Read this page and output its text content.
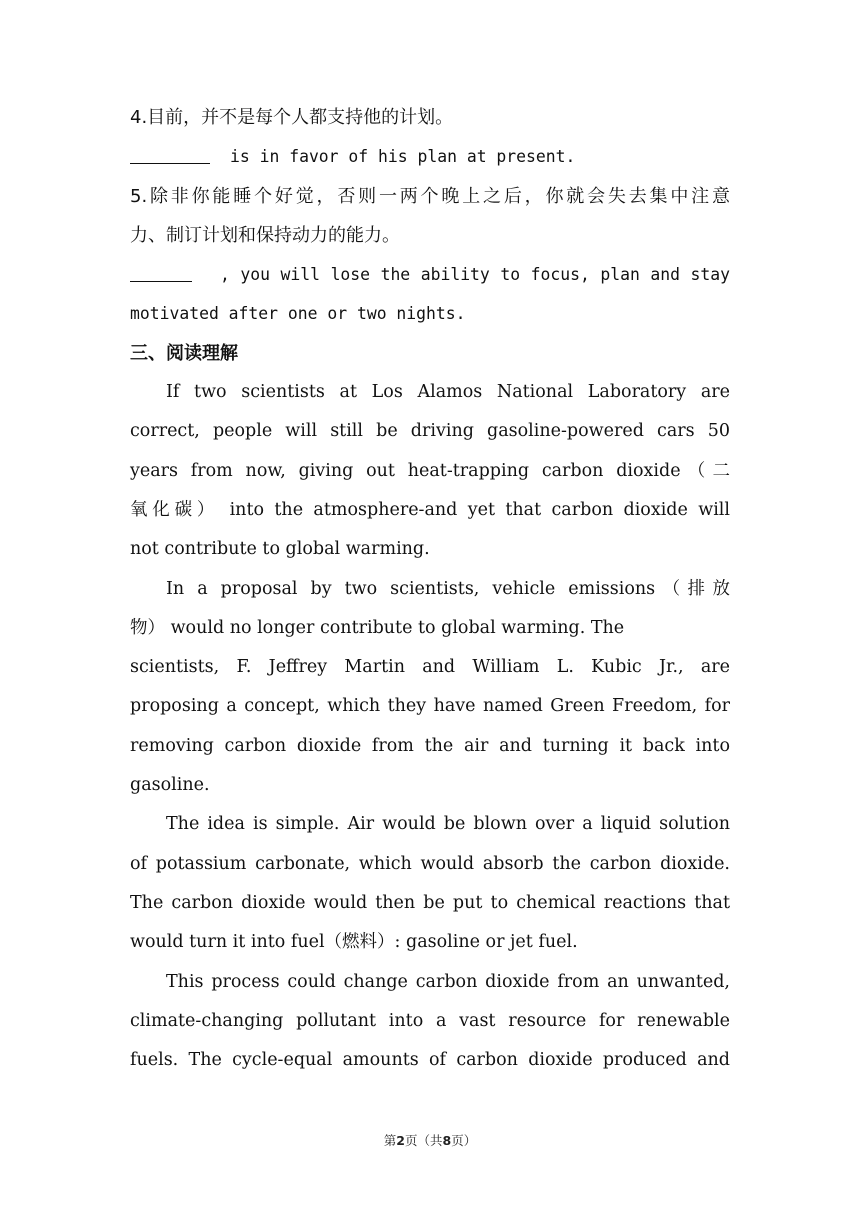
4.目前，并不是每个人都支持他的计划。
is in favor of his plan at present.
5.除非你能睡个好觉，否则一两个晚上之后，你就会失去集中注意
力、制订计划和保持动力的能力。
, you will lose the ability to focus, plan and stay
motivated after one or two nights.
三、阅读理解
If two scientists at Los Alamos National Laboratory are
correct, people will still be driving gasoline-powered cars 50
years from now, giving out heat-trapping carbon dioxide（二
氧化碳） into the atmosphere-and yet that carbon dioxide will
not contribute to global warming.
In a proposal by two scientists, vehicle emissions（排放
物） would no longer contribute to global warming. The
scientists, F. Jeffrey Martin and William L. Kubic Jr., are
proposing a concept, which they have named Green Freedom, for
removing carbon dioxide from the air and turning it back into
gasoline.
The idea is simple. Air would be blown over a liquid solution
of potassium carbonate, which would absorb the carbon dioxide.
The carbon dioxide would then be put to chemical reactions that
would turn it into fuel（燃料）: gasoline or jet fuel.
This process could change carbon dioxide from an unwanted,
climate-changing pollutant into a vast resource for renewable
fuels. The cycle-equal amounts of carbon dioxide produced and
第2页（共8页）
